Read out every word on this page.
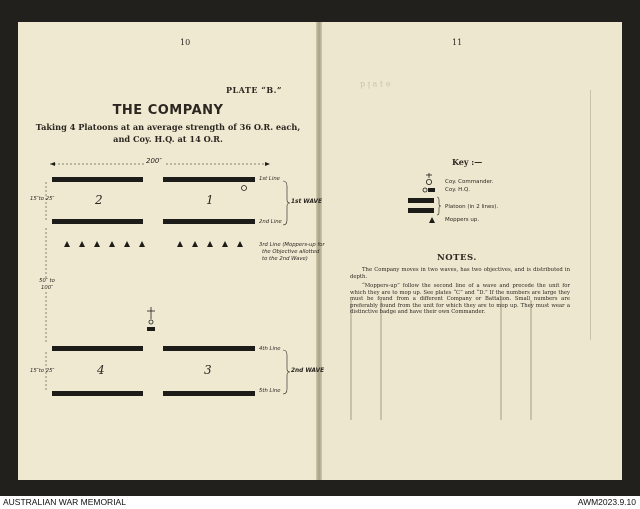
ǝ ʇ ɐ l d
10
PLATE “B.”
THE COMPANY
Taking 4 Platoons at an average strength of 36 O.R. each,
and Coy. H.Q. at 14 O.R.
200″
2	1
1st Line
2nd Line
1st WAVE
15″to 25″
3rd Line (Moppers-up for
the Objective allotted
to the 2nd Wave)
50″ to 100″
4	3
4th Line
5th Line
2nd WAVE
15″to 25″
11
Key :—
Coy. Commander.
Coy. H.Q.
Platoon (in 2 lines).
Moppers up.
NOTES.
The Company moves in two waves, has two objectives, and is distributed in depth.
“Moppers-up” follow the second line of a wave and precede the unit for which they are to mop up. See plates “C” and “D.” If the numbers are large they must be found from a different Company or Battalion. Small numbers are preferably found from the unit for which they are to mop up. They must wear a distinctive badge and have their own Commander.
AUSTRALIAN WAR MEMORIAL	AWM2023.9.10
